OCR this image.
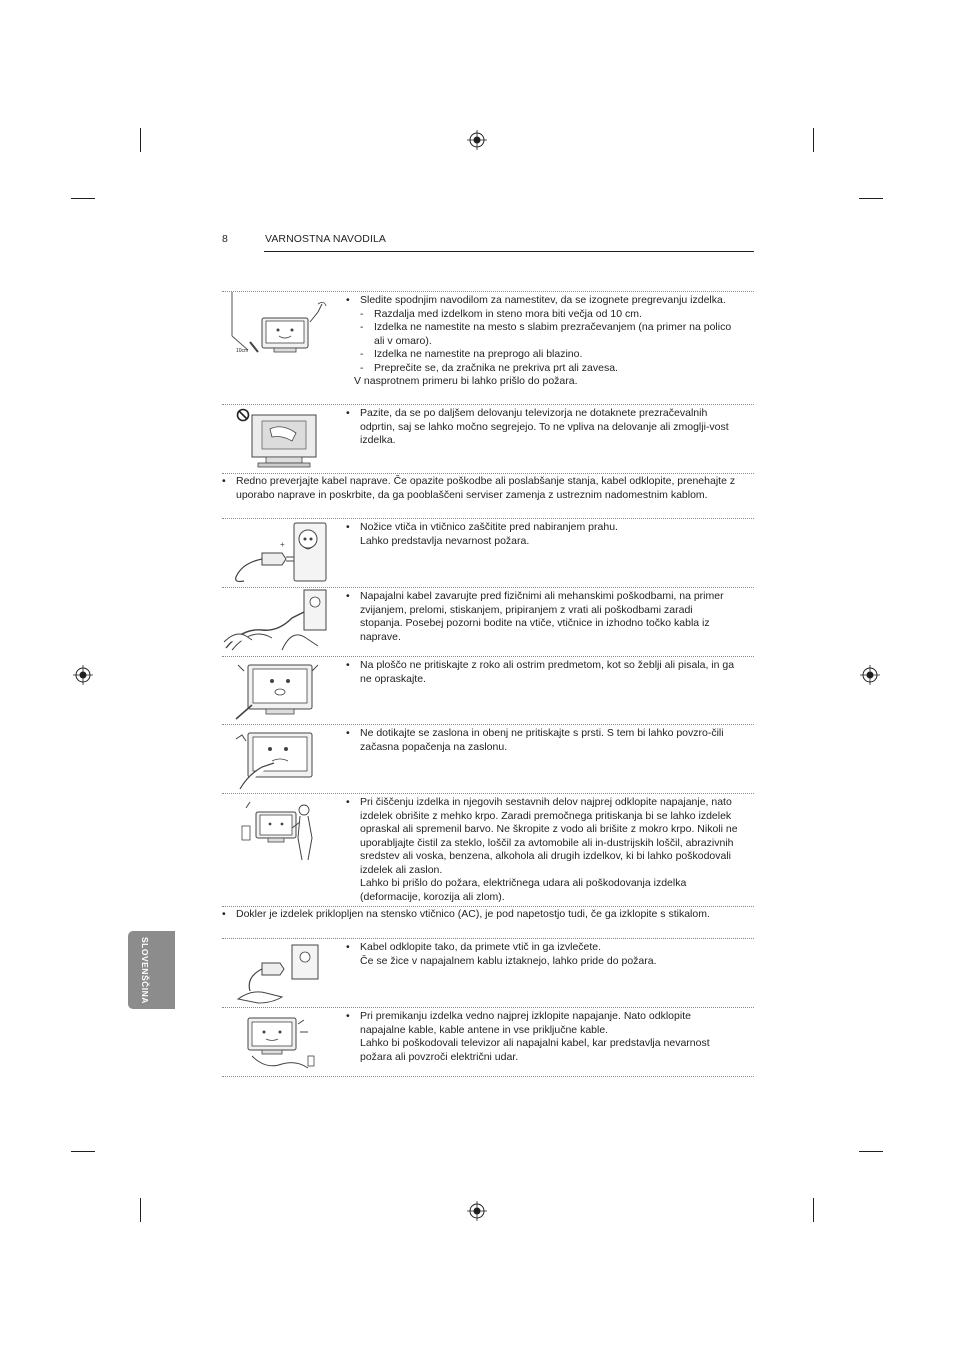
8	VARNOSTNA NAVODILA
SLOVENŠČINA
10cm
• Sledite spodnjim navodilom za namestitev, da se izognete pregrevanju izdelka.
- Razdalja med izdelkom in steno mora biti večja od 10 cm.
- Izdelka ne namestite na mesto s slabim prezračevanjem (na primer na polico ali v omaro).
- Izdelka ne namestite na preprogo ali blazino.
- Preprečite se, da zračnika ne prekriva prt ali zavesa.
V nasprotnem primeru bi lahko prišlo do požara.
• Pazite, da se po daljšem delovanju televizorja ne dotaknete prezračevalnih odprtin, saj se lahko močno segrejejo. To ne vpliva na delovanje ali zmoglji-vost izdelka.
• Redno preverjajte kabel naprave. Če opazite poškodbe ali poslabšanje stanja, kabel odklopite, prenehajte z uporabo naprave in poskrbite, da ga pooblaščeni serviser zamenja z ustreznim nadomestnim kablom.
+
• Nožice vtiča in vtičnico zaščitite pred nabiranjem prahu.
Lahko predstavlja nevarnost požara.
• Napajalni kabel zavarujte pred fizičnimi ali mehanskimi poškodbami, na primer zvijanjem, prelomi, stiskanjem, pripiranjem z vrati ali poškodbami zaradi stopanja. Posebej pozorni bodite na vtiče, vtičnice in izhodno točko kabla iz naprave.
• Na ploščo ne pritiskajte z roko ali ostrim predmetom, kot so žeblji ali pisala, in ga ne opraskajte.
• Ne dotikajte se zaslona in obenj ne pritiskajte s prsti. S tem bi lahko povzro-čili začasna popačenja na zaslonu.
• Pri čiščenju izdelka in njegovih sestavnih delov najprej odklopite napajanje, nato izdelek obrišite z mehko krpo. Zaradi premočnega pritiskanja bi se lahko izdelek opraskal ali spremenil barvo. Ne škropite z vodo ali brišite z mokro krpo. Nikoli ne uporabljajte čistil za steklo, loščil za avtomobile ali in-dustrijskih loščil, abrazivnih sredstev ali voska, benzena, alkohola ali drugih izdelkov, ki bi lahko poškodovali izdelek ali zaslon.
Lahko bi prišlo do požara, električnega udara ali poškodovanja izdelka (deformacije, korozija ali zlom).
• Dokler je izdelek priklopljen na stensko vtičnico (AC), je pod napetostjo tudi, če ga izklopite s stikalom.
• Kabel odklopite tako, da primete vtič in ga izvlečete.
Če se žice v napajalnem kablu iztaknejo, lahko pride do požara.
• Pri premikanju izdelka vedno najprej izklopite napajanje. Nato odklopite napajalne kable, kable antene in vse priključne kable.
Lahko bi poškodovali televizor ali napajalni kabel, kar predstavlja nevarnost požara ali povzroči električni udar.
